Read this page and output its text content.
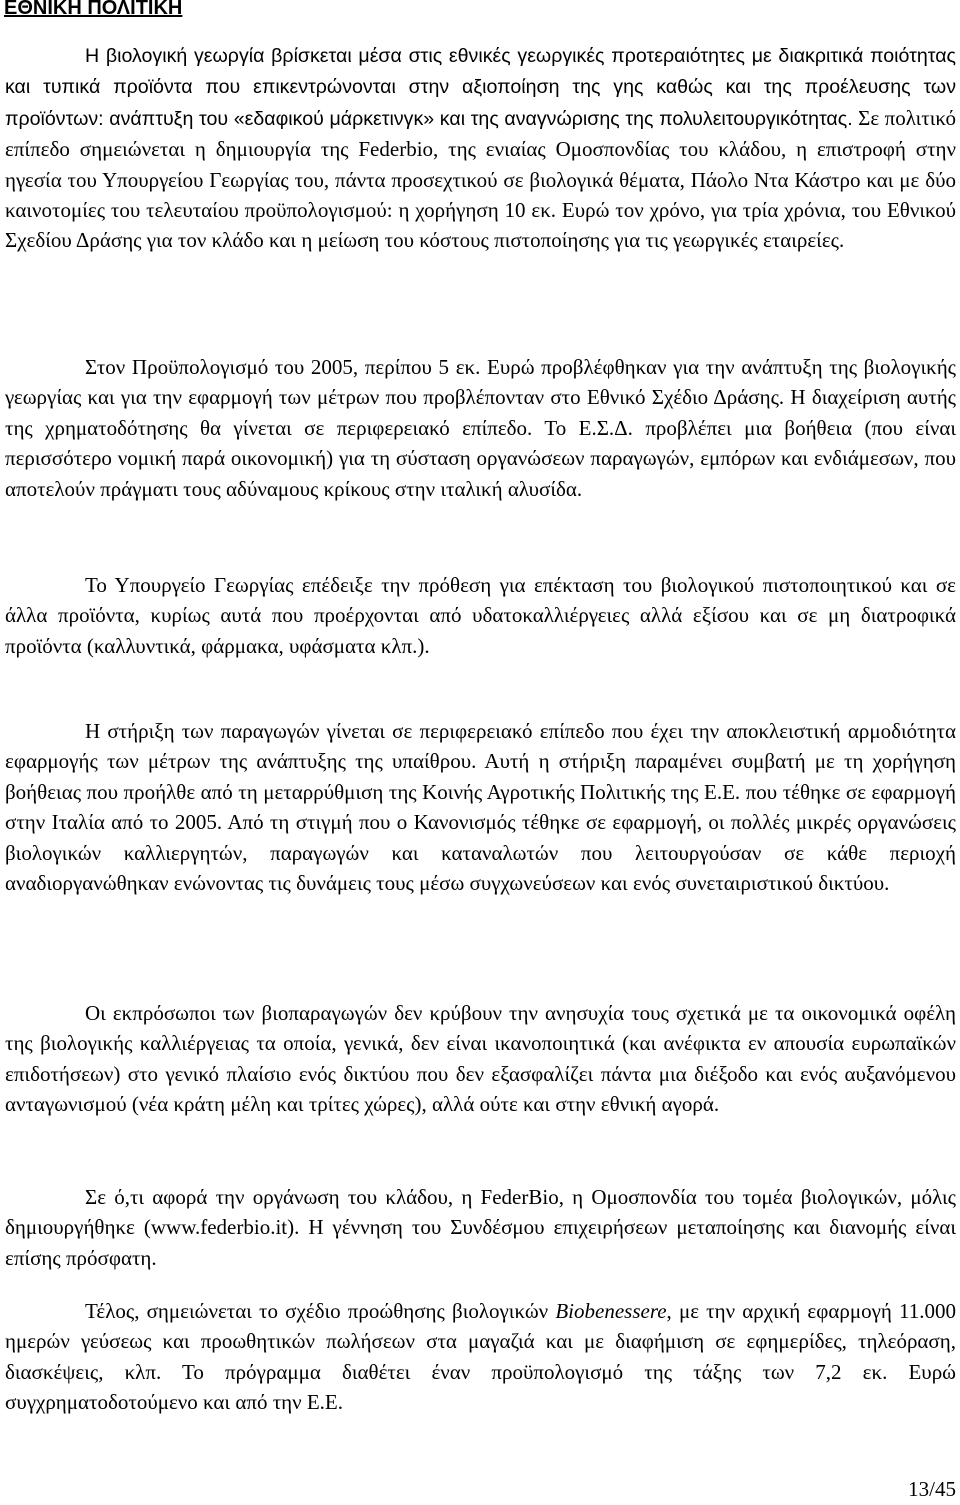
ΕΘΝΙΚΗ ΠΟΛΙΤΙΚΗ

Η βιολογική γεωργία βρίσκεται μέσα στις εθνικές γεωργικές προτεραιότητες με διακριτικά ποιότητας και τυπικά προϊόντα που επικεντρώνονται στην αξιοποίηση της γης καθώς και της προέλευσης των προϊόντων: ανάπτυξη του «εδαφικού μάρκετινγκ» και της αναγνώρισης της πολυλειτουργικότητας. Σε πολιτικό επίπεδο σημειώνεται η δημιουργία της Federbio, της ενιαίας Ομοσπονδίας του κλάδου, η επιστροφή στην ηγεσία του Υπουργείου Γεωργίας του, πάντα προσεχτικού σε βιολογικά θέματα, Πάολο Ντα Κάστρο και με δύο καινοτομίες του τελευταίου προϋπολογισμού: η χορήγηση 10 εκ. Ευρώ τον χρόνο, για τρία χρόνια, του Εθνικού Σχεδίου Δράσης για τον κλάδο και η μείωση του κόστους πιστοποίησης για τις γεωργικές εταιρείες.

Στον Προϋπολογισμό του 2005, περίπου 5 εκ. Ευρώ προβλέφθηκαν για την ανάπτυξη της βιολογικής γεωργίας και για την εφαρμογή των μέτρων που προβλέπονταν στο Εθνικό Σχέδιο Δράσης. Η διαχείριση αυτής της χρηματοδότησης θα γίνεται σε περιφερειακό επίπεδο. Το Ε.Σ.Δ. προβλέπει μια βοήθεια (που είναι περισσότερο νομική παρά οικονομική) για τη σύσταση οργανώσεων παραγωγών, εμπόρων και ενδιάμεσων, που αποτελούν πράγματι τους αδύναμους κρίκους στην ιταλική αλυσίδα.

Το Υπουργείο Γεωργίας επέδειξε την πρόθεση για επέκταση του βιολογικού πιστοποιητικού και σε άλλα προϊόντα, κυρίως αυτά που προέρχονται από υδατοκαλλιέργειες αλλά εξίσου και σε μη διατροφικά προϊόντα (καλλυντικά, φάρμακα, υφάσματα κλπ.).

Η στήριξη των παραγωγών γίνεται σε περιφερειακό επίπεδο που έχει την αποκλειστική αρμοδιότητα εφαρμογής των μέτρων της ανάπτυξης της υπαίθρου. Αυτή η στήριξη παραμένει συμβατή με τη χορήγηση βοήθειας που προήλθε από τη μεταρρύθμιση της Κοινής Αγροτικής Πολιτικής της Ε.Ε. που τέθηκε σε εφαρμογή στην Ιταλία από το 2005. Από τη στιγμή που ο Κανονισμός τέθηκε σε εφαρμογή, οι πολλές μικρές οργανώσεις βιολογικών καλλιεργητών, παραγωγών και καταναλωτών που λειτουργούσαν σε κάθε περιοχή αναδιοργανώθηκαν ενώνοντας τις δυνάμεις τους μέσω συγχωνεύσεων και ενός συνεταιριστικού δικτύου.

Οι εκπρόσωποι των βιοπαραγωγών δεν κρύβουν την ανησυχία τους σχετικά με τα οικονομικά οφέλη της βιολογικής καλλιέργειας τα οποία, γενικά, δεν είναι ικανοποιητικά (και ανέφικτα εν απουσία ευρωπαϊκών επιδοτήσεων) στο γενικό πλαίσιο ενός δικτύου που δεν εξασφαλίζει πάντα μια διέξοδο και ενός αυξανόμενου ανταγωνισμού (νέα κράτη μέλη και τρίτες χώρες), αλλά ούτε και στην εθνική αγορά.

Σε ό,τι αφορά την οργάνωση του κλάδου, η FederBio, η Ομοσπονδία του τομέα βιολογικών, μόλις δημιουργήθηκε (www.federbio.it). Η γέννηση του Συνδέσμου επιχειρήσεων μεταποίησης και διανομής είναι επίσης πρόσφατη.

Τέλος, σημειώνεται το σχέδιο προώθησης βιολογικών Biobenessere, με την αρχική εφαρμογή 11.000 ημερών γεύσεως και προωθητικών πωλήσεων στα μαγαζιά και με διαφήμιση σε εφημερίδες, τηλεόραση, διασκέψεις, κλπ. Το πρόγραμμα διαθέτει έναν προϋπολογισμό της τάξης των 7,2 εκ. Ευρώ συγχρηματοδοτούμενο και από την Ε.Ε.

13/45
